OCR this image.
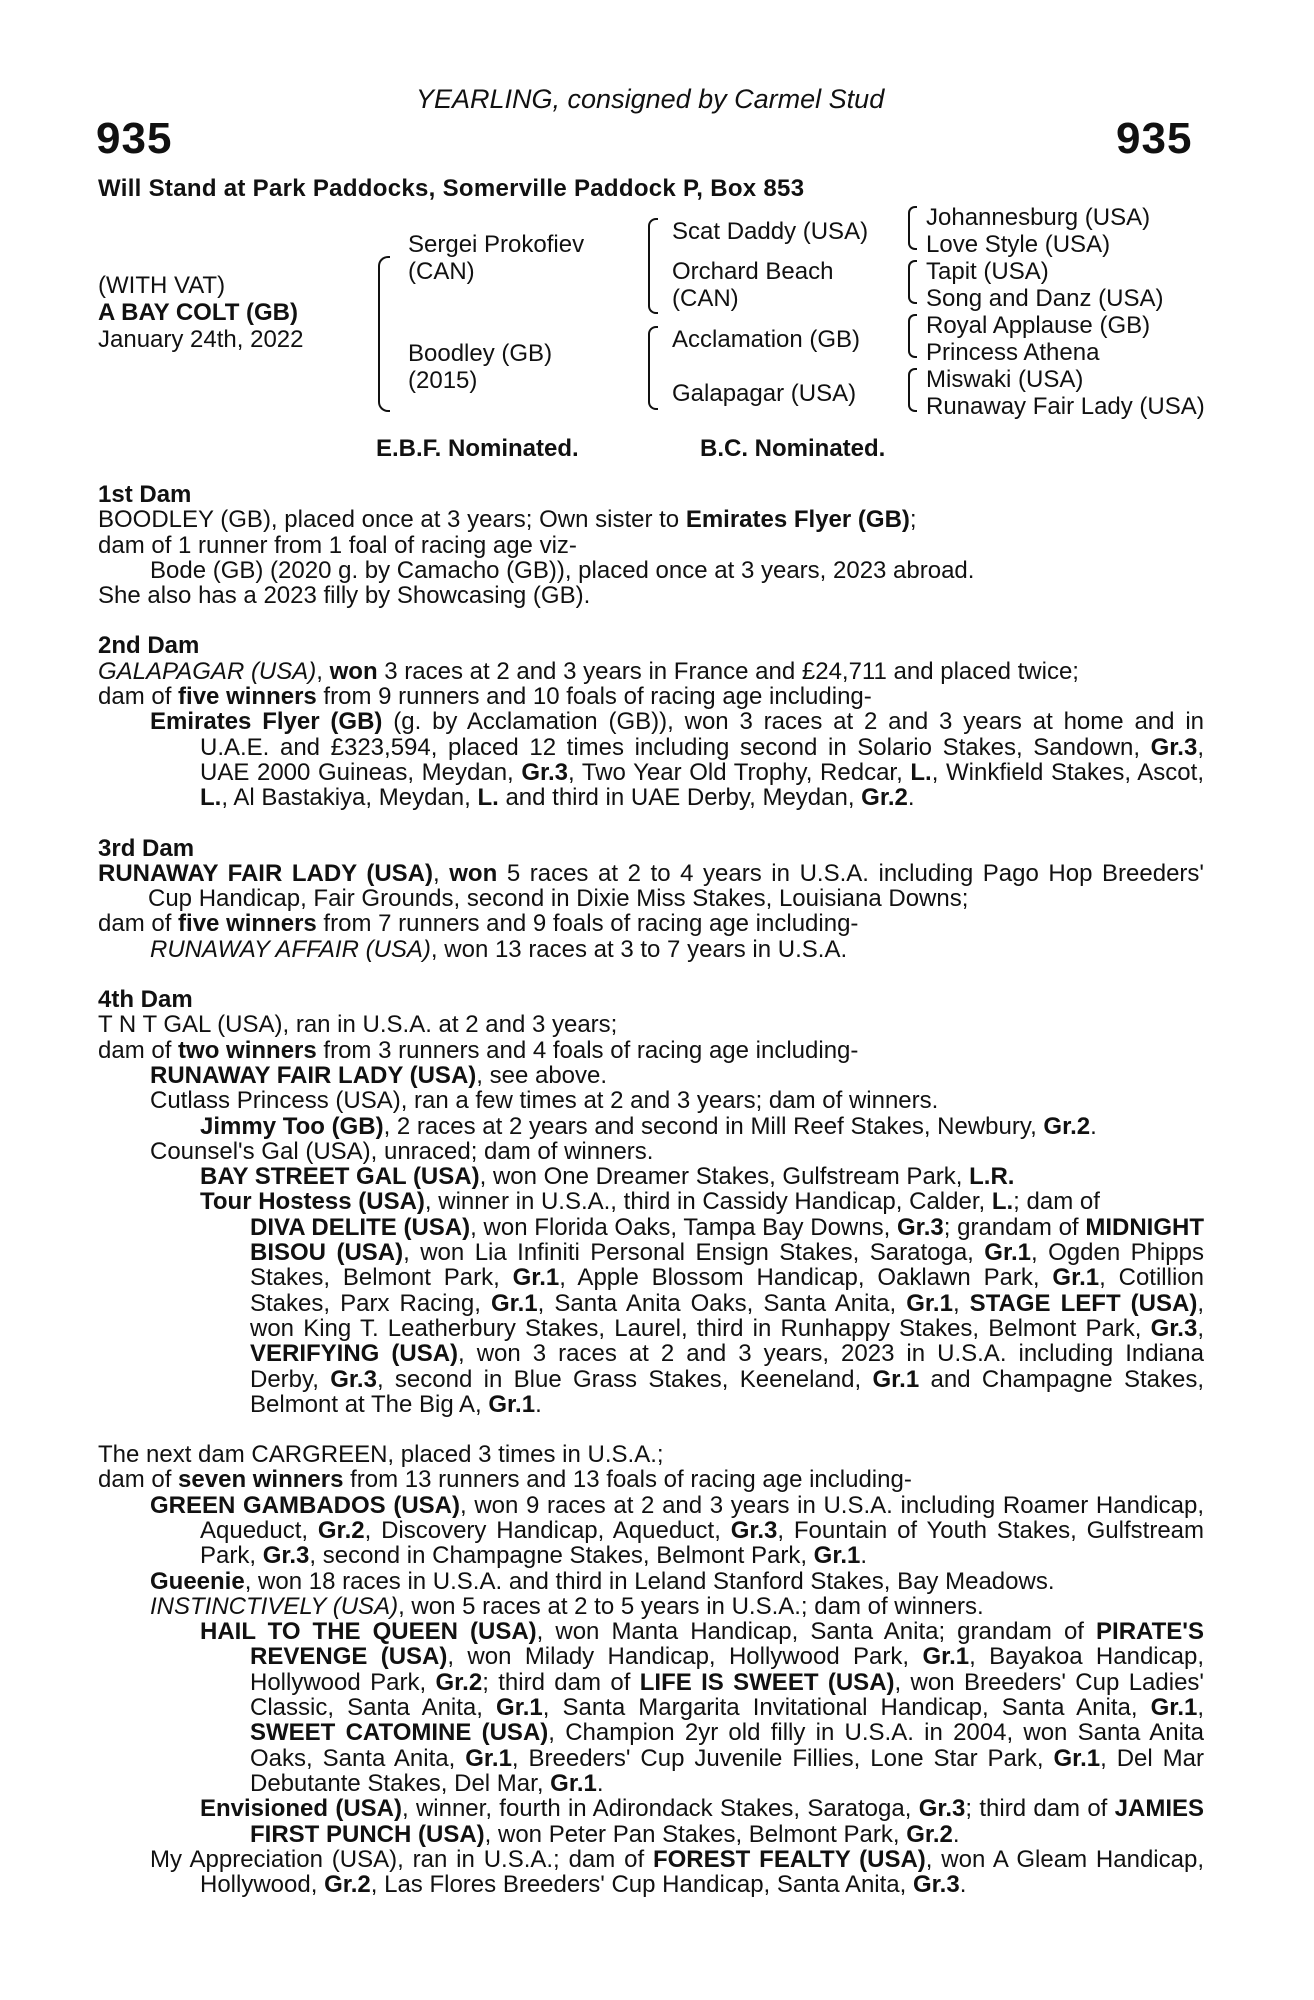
YEARLING, consigned by Carmel Stud
935	935
Will Stand at Park Paddocks, Somerville Paddock P, Box 853
(WITH VAT)
A BAY COLT (GB)
January 24th, 2022
Sergei Prokofiev
(CAN)
Boodley (GB)
(2015)
Scat Daddy (USA)
Orchard Beach
(CAN)
Acclamation (GB)
Galapagar (USA)
Johannesburg (USA)
Love Style (USA)
Tapit (USA)
Song and Danz (USA)
Royal Applause (GB)
Princess Athena
Miswaki (USA)
Runaway Fair Lady (USA)
E.B.F. Nominated.	B.C. Nominated.
1st Dam
BOODLEY (GB), placed once at 3 years; Own sister to Emirates Flyer (GB);
dam of 1 runner from 1 foal of racing age viz-
Bode (GB) (2020 g. by Camacho (GB)), placed once at 3 years, 2023 abroad.
She also has a 2023 filly by Showcasing (GB).
2nd Dam
GALAPAGAR (USA), won 3 races at 2 and 3 years in France and £24,711 and placed twice;
dam of five winners from 9 runners and 10 foals of racing age including-
Emirates Flyer (GB) (g. by Acclamation (GB)), won 3 races at 2 and 3 years at home and in U.A.E. and £323,594, placed 12 times including second in Solario Stakes, Sandown, Gr.3, UAE 2000 Guineas, Meydan, Gr.3, Two Year Old Trophy, Redcar, L., Winkfield Stakes, Ascot, L., Al Bastakiya, Meydan, L. and third in UAE Derby, Meydan, Gr.2.
3rd Dam
RUNAWAY FAIR LADY (USA), won 5 races at 2 to 4 years in U.S.A. including Pago Hop Breeders' Cup Handicap, Fair Grounds, second in Dixie Miss Stakes, Louisiana Downs;
dam of five winners from 7 runners and 9 foals of racing age including-
RUNAWAY AFFAIR (USA), won 13 races at 3 to 7 years in U.S.A.
4th Dam
T N T GAL (USA), ran in U.S.A. at 2 and 3 years;
dam of two winners from 3 runners and 4 foals of racing age including-
RUNAWAY FAIR LADY (USA), see above.
Cutlass Princess (USA), ran a few times at 2 and 3 years; dam of winners.
Jimmy Too (GB), 2 races at 2 years and second in Mill Reef Stakes, Newbury, Gr.2.
Counsel's Gal (USA), unraced; dam of winners.
BAY STREET GAL (USA), won One Dreamer Stakes, Gulfstream Park, L.R.
Tour Hostess (USA), winner in U.S.A., third in Cassidy Handicap, Calder, L.; dam of
DIVA DELITE (USA), won Florida Oaks, Tampa Bay Downs, Gr.3; grandam of MIDNIGHT BISOU (USA), won Lia Infiniti Personal Ensign Stakes, Saratoga, Gr.1, Ogden Phipps Stakes, Belmont Park, Gr.1, Apple Blossom Handicap, Oaklawn Park, Gr.1, Cotillion Stakes, Parx Racing, Gr.1, Santa Anita Oaks, Santa Anita, Gr.1, STAGE LEFT (USA), won King T. Leatherbury Stakes, Laurel, third in Runhappy Stakes, Belmont Park, Gr.3, VERIFYING (USA), won 3 races at 2 and 3 years, 2023 in U.S.A. including Indiana Derby, Gr.3, second in Blue Grass Stakes, Keeneland, Gr.1 and Champagne Stakes, Belmont at The Big A, Gr.1.
The next dam CARGREEN, placed 3 times in U.S.A.;
dam of seven winners from 13 runners and 13 foals of racing age including-
GREEN GAMBADOS (USA), won 9 races at 2 and 3 years in U.S.A. including Roamer Handicap, Aqueduct, Gr.2, Discovery Handicap, Aqueduct, Gr.3, Fountain of Youth Stakes, Gulfstream Park, Gr.3, second in Champagne Stakes, Belmont Park, Gr.1.
Gueenie, won 18 races in U.S.A. and third in Leland Stanford Stakes, Bay Meadows.
INSTINCTIVELY (USA), won 5 races at 2 to 5 years in U.S.A.; dam of winners.
HAIL TO THE QUEEN (USA), won Manta Handicap, Santa Anita; grandam of PIRATE'S REVENGE (USA), won Milady Handicap, Hollywood Park, Gr.1, Bayakoa Handicap, Hollywood Park, Gr.2; third dam of LIFE IS SWEET (USA), won Breeders' Cup Ladies' Classic, Santa Anita, Gr.1, Santa Margarita Invitational Handicap, Santa Anita, Gr.1, SWEET CATOMINE (USA), Champion 2yr old filly in U.S.A. in 2004, won Santa Anita Oaks, Santa Anita, Gr.1, Breeders' Cup Juvenile Fillies, Lone Star Park, Gr.1, Del Mar Debutante Stakes, Del Mar, Gr.1.
Envisioned (USA), winner, fourth in Adirondack Stakes, Saratoga, Gr.3; third dam of JAMIES FIRST PUNCH (USA), won Peter Pan Stakes, Belmont Park, Gr.2.
My Appreciation (USA), ran in U.S.A.; dam of FOREST FEALTY (USA), won A Gleam Handicap, Hollywood, Gr.2, Las Flores Breeders' Cup Handicap, Santa Anita, Gr.3.
